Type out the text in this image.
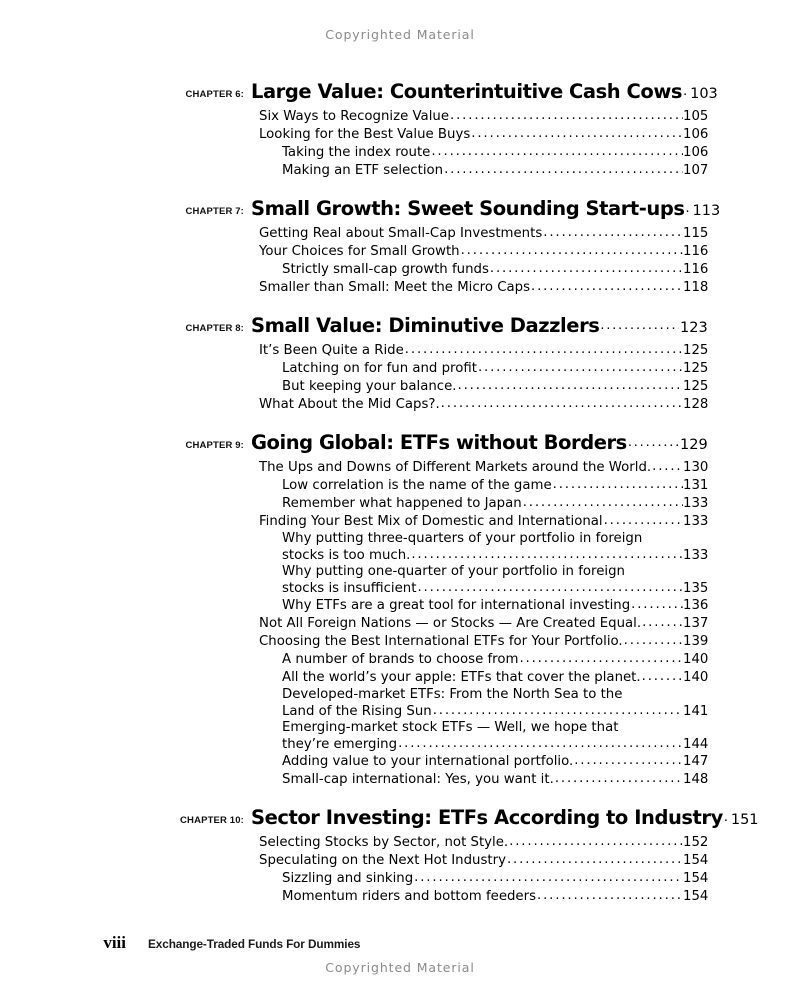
Copyrighted Material
CHAPTER 6: Large Value: Counterintuitive Cash Cows ..... 103
Six Ways to Recognize Value .....	105
Looking for the Best Value Buys .....	106
Taking the index route .....	106
Making an ETF selection .....	107
CHAPTER 7: Small Growth: Sweet Sounding Start-ups ..... 113
Getting Real about Small-Cap Investments .....	115
Your Choices for Small Growth .....	116
Strictly small-cap growth funds .....	116
Smaller than Small: Meet the Micro Caps .....	118
CHAPTER 8: Small Value: Diminutive Dazzlers .....	123
It’s Been Quite a Ride .....	125
Latching on for fun and profit .....	125
But keeping your balance. .....	125
What About the Mid Caps?. .....	128
CHAPTER 9: Going Global: ETFs without Borders .....	129
The Ups and Downs of Different Markets around the World. ..... 130
Low correlation is the name of the game .....	131
Remember what happened to Japan .....	133
Finding Your Best Mix of Domestic and International .....	133
Why putting three-quarters of your portfolio in foreign
stocks is too much. .....	133
Why putting one-quarter of your portfolio in foreign
stocks is insufficient .....	135
Why ETFs are a great tool for international investing .....	136
Not All Foreign Nations — or Stocks — Are Created Equal. .....	137
Choosing the Best International ETFs for Your Portfolio. .....	139
A number of brands to choose from .....	140
All the world’s your apple: ETFs that cover the planet. .....	140
Developed-market ETFs: From the North Sea to the
Land of the Rising Sun .....	141
Emerging-market stock ETFs — Well, we hope that
they’re emerging .....	144
Adding value to your international portfolio. .....	147
Small-cap international: Yes, you want it. .....	148
CHAPTER 10: Sector Investing: ETFs According to Industry ..... 151
Selecting Stocks by Sector, not Style. .....	152
Speculating on the Next Hot Industry .....	154
Sizzling and sinking .....	154
Momentum riders and bottom feeders .....	154
viii Exchange-Traded Funds For Dummies
Copyrighted Material
